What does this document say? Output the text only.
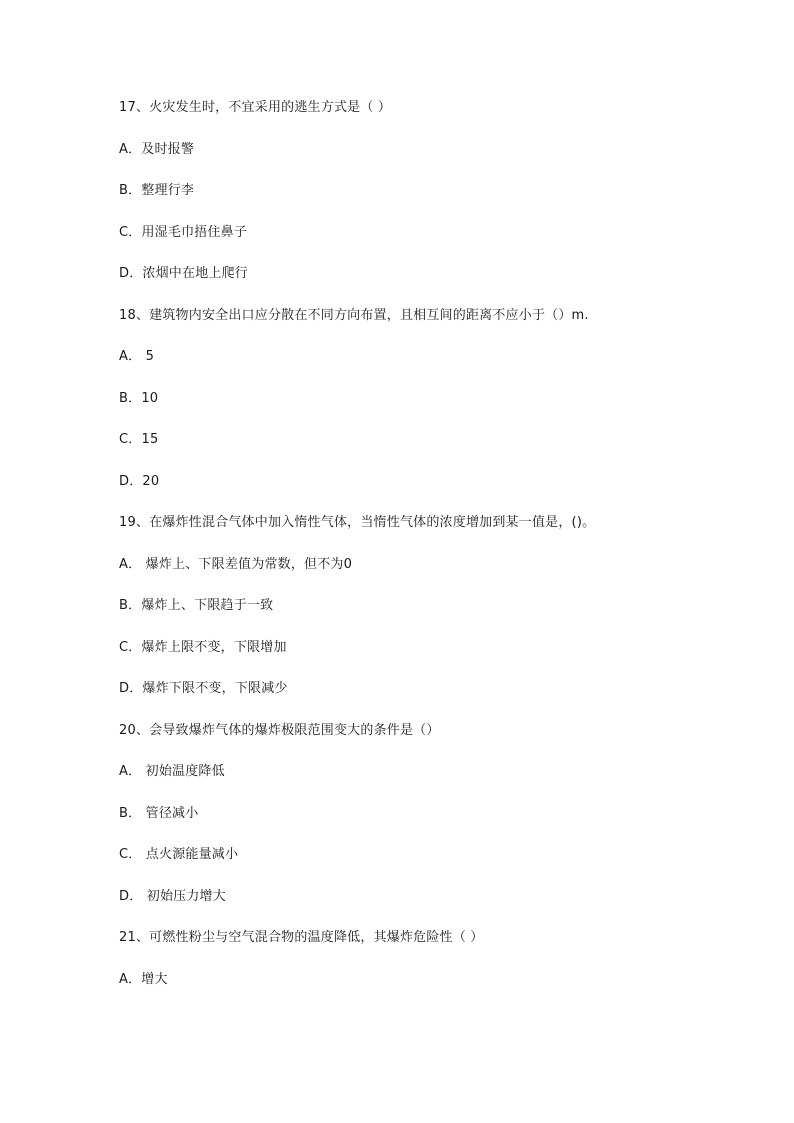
17、火灾发生时，不宜采用的逃生方式是（ ）

A．及时报警

B．整理行李

C．用湿毛巾捂住鼻子

D．浓烟中在地上爬行

18、建筑物内安全出口应分散在不同方向布置，且相互间的距离不应小于（）m.

A． 5

B．10

C．15

D．20

19、在爆炸性混合气体中加入惰性气体，当惰性气体的浓度增加到某一值是，()。

A． 爆炸上、下限差值为常数，但不为0

B．爆炸上、下限趋于一致

C．爆炸上限不变，下限增加

D．爆炸下限不变，下限减少

20、会导致爆炸气体的爆炸极限范围变大的条件是（）

A． 初始温度降低

B． 管径减小

C． 点火源能量减小

D． 初始压力增大

21、可燃性粉尘与空气混合物的温度降低，其爆炸危险性（ ）

A．增大
